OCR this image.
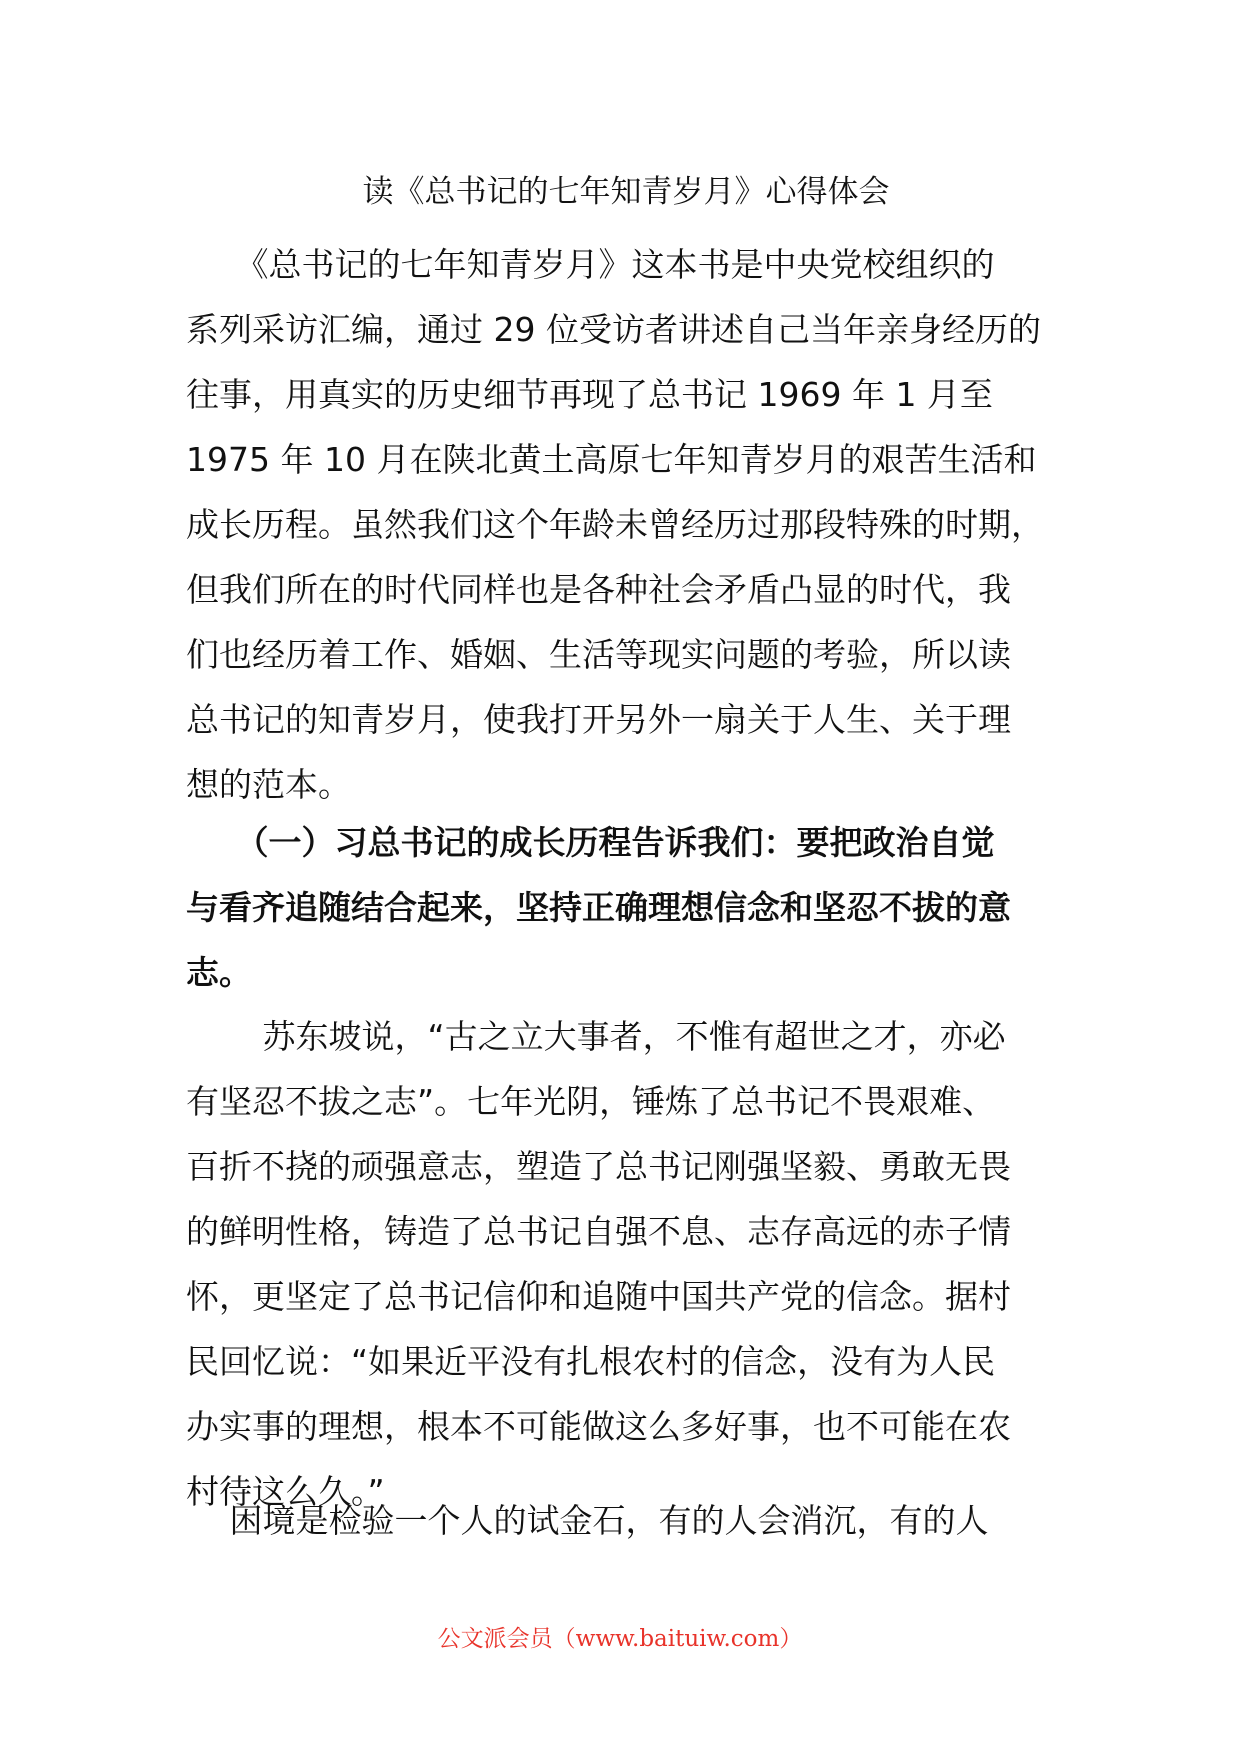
读《总书记的七年知青岁月》心得体会
　　《总书记的七年知青岁月》这本书是中央党校组织的
系列采访汇编，通过 29 位受访者讲述自己当年亲身经历的
往事，用真实的历史细节再现了总书记 1969 年 1 月至
1975 年 10 月在陕北黄土高原七年知青岁月的艰苦生活和
成长历程。虽然我们这个年龄未曾经历过那段特殊的时期，
但我们所在的时代同样也是各种社会矛盾凸显的时代，我
们也经历着工作、婚姻、生活等现实问题的考验，所以读
总书记的知青岁月，使我打开另外一扇关于人生、关于理
想的范本。
　　（一）习总书记的成长历程告诉我们：要把政治自觉
与看齐追随结合起来，坚持正确理想信念和坚忍不拔的意
志。
　　 苏东坡说，“古之立大事者，不惟有超世之才，亦必
有坚忍不拔之志”。七年光阴，锤炼了总书记不畏艰难、
百折不挠的顽强意志，塑造了总书记刚强坚毅、勇敢无畏
的鲜明性格，铸造了总书记自强不息、志存高远的赤子情
怀，更坚定了总书记信仰和追随中国共产党的信念。据村
民回忆说：“如果近平没有扎根农村的信念，没有为人民
办实事的理想，根本不可能做这么多好事，也不可能在农
村待这么久。”
　 困境是检验一个人的试金石，有的人会消沉，有的人
公文派会员（www.baituiw.com）
